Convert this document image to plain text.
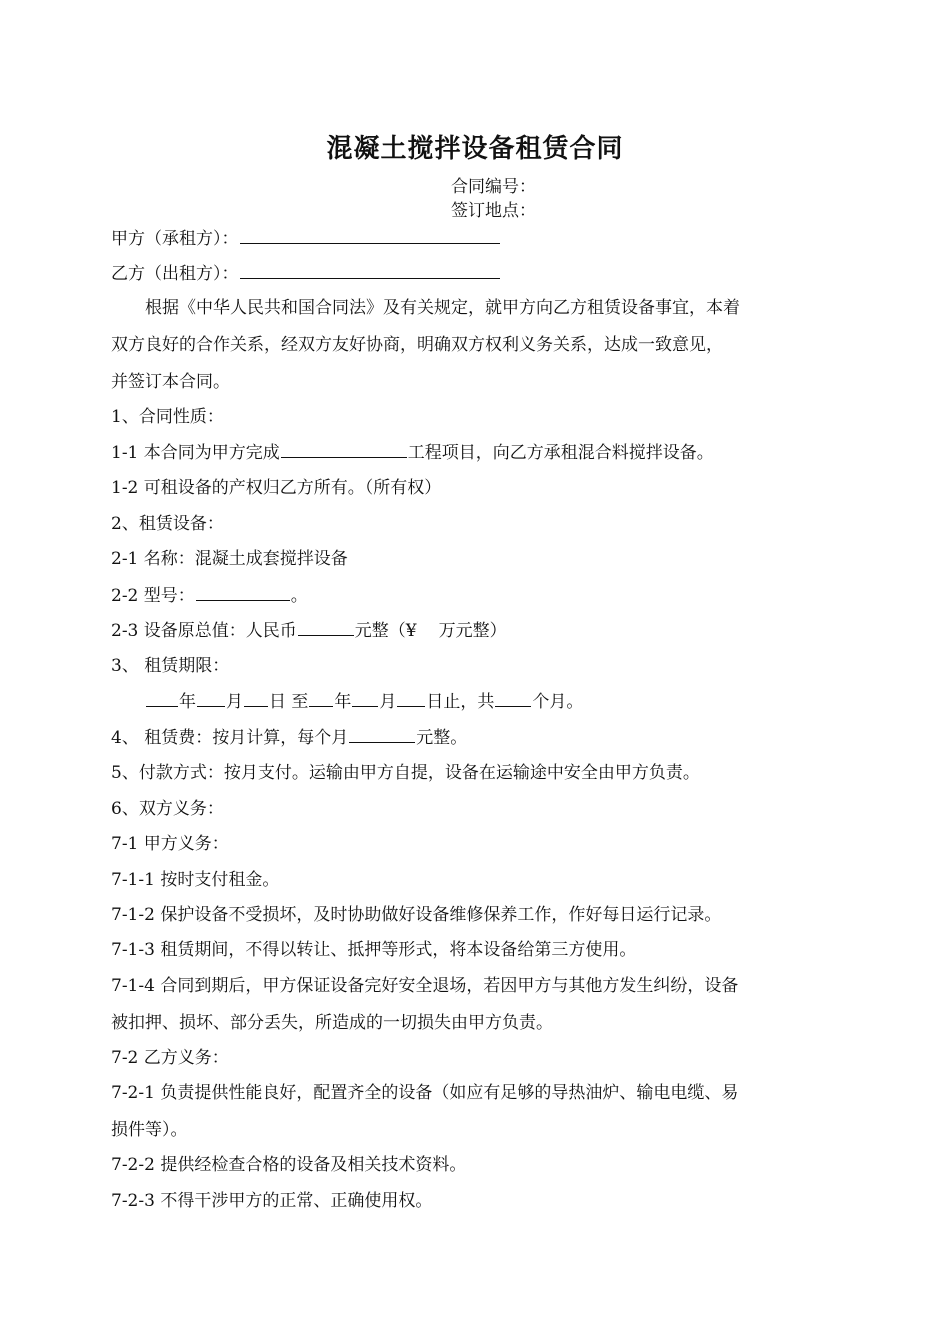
混凝土搅拌设备租赁合同
合同编号：
签订地点：
甲方（承租方）：
乙方（出租方）：
根据《中华人民共和国合同法》及有关规定，就甲方向乙方租赁设备事宜，本着
双方良好的合作关系，经双方友好协商，明确双方权利义务关系，达成一致意见，
并签订本合同。
1、合同性质：
1-1 本合同为甲方完成	工程项目，向乙方承租混合料搅拌设备。
1-2 可租设备的产权归乙方所有。（所有权）
2、租赁设备：
2-1 名称：混凝土成套搅拌设备
2-2 型号：	。
2-3 设备原总值：人民币	元整（¥ 万元整）
3、 租赁期限：
年 月 日 至 年 月 日止，共 个月。
4、 租赁费：按月计算，每个月	元整。
5、付款方式：按月支付。运输由甲方自提，设备在运输途中安全由甲方负责。
6、双方义务：
7-1 甲方义务：
7-1-1 按时支付租金。
7-1-2 保护设备不受损坏，及时协助做好设备维修保养工作，作好每日运行记录。
7-1-3 租赁期间，不得以转让、抵押等形式，将本设备给第三方使用。
7-1-4 合同到期后，甲方保证设备完好安全退场，若因甲方与其他方发生纠纷，设备
被扣押、损坏、部分丢失，所造成的一切损失由甲方负责。
7-2 乙方义务：
7-2-1 负责提供性能良好，配置齐全的设备（如应有足够的导热油炉、输电电缆、易
损件等）。
7-2-2 提供经检查合格的设备及相关技术资料。
7-2-3 不得干涉甲方的正常、正确使用权。
